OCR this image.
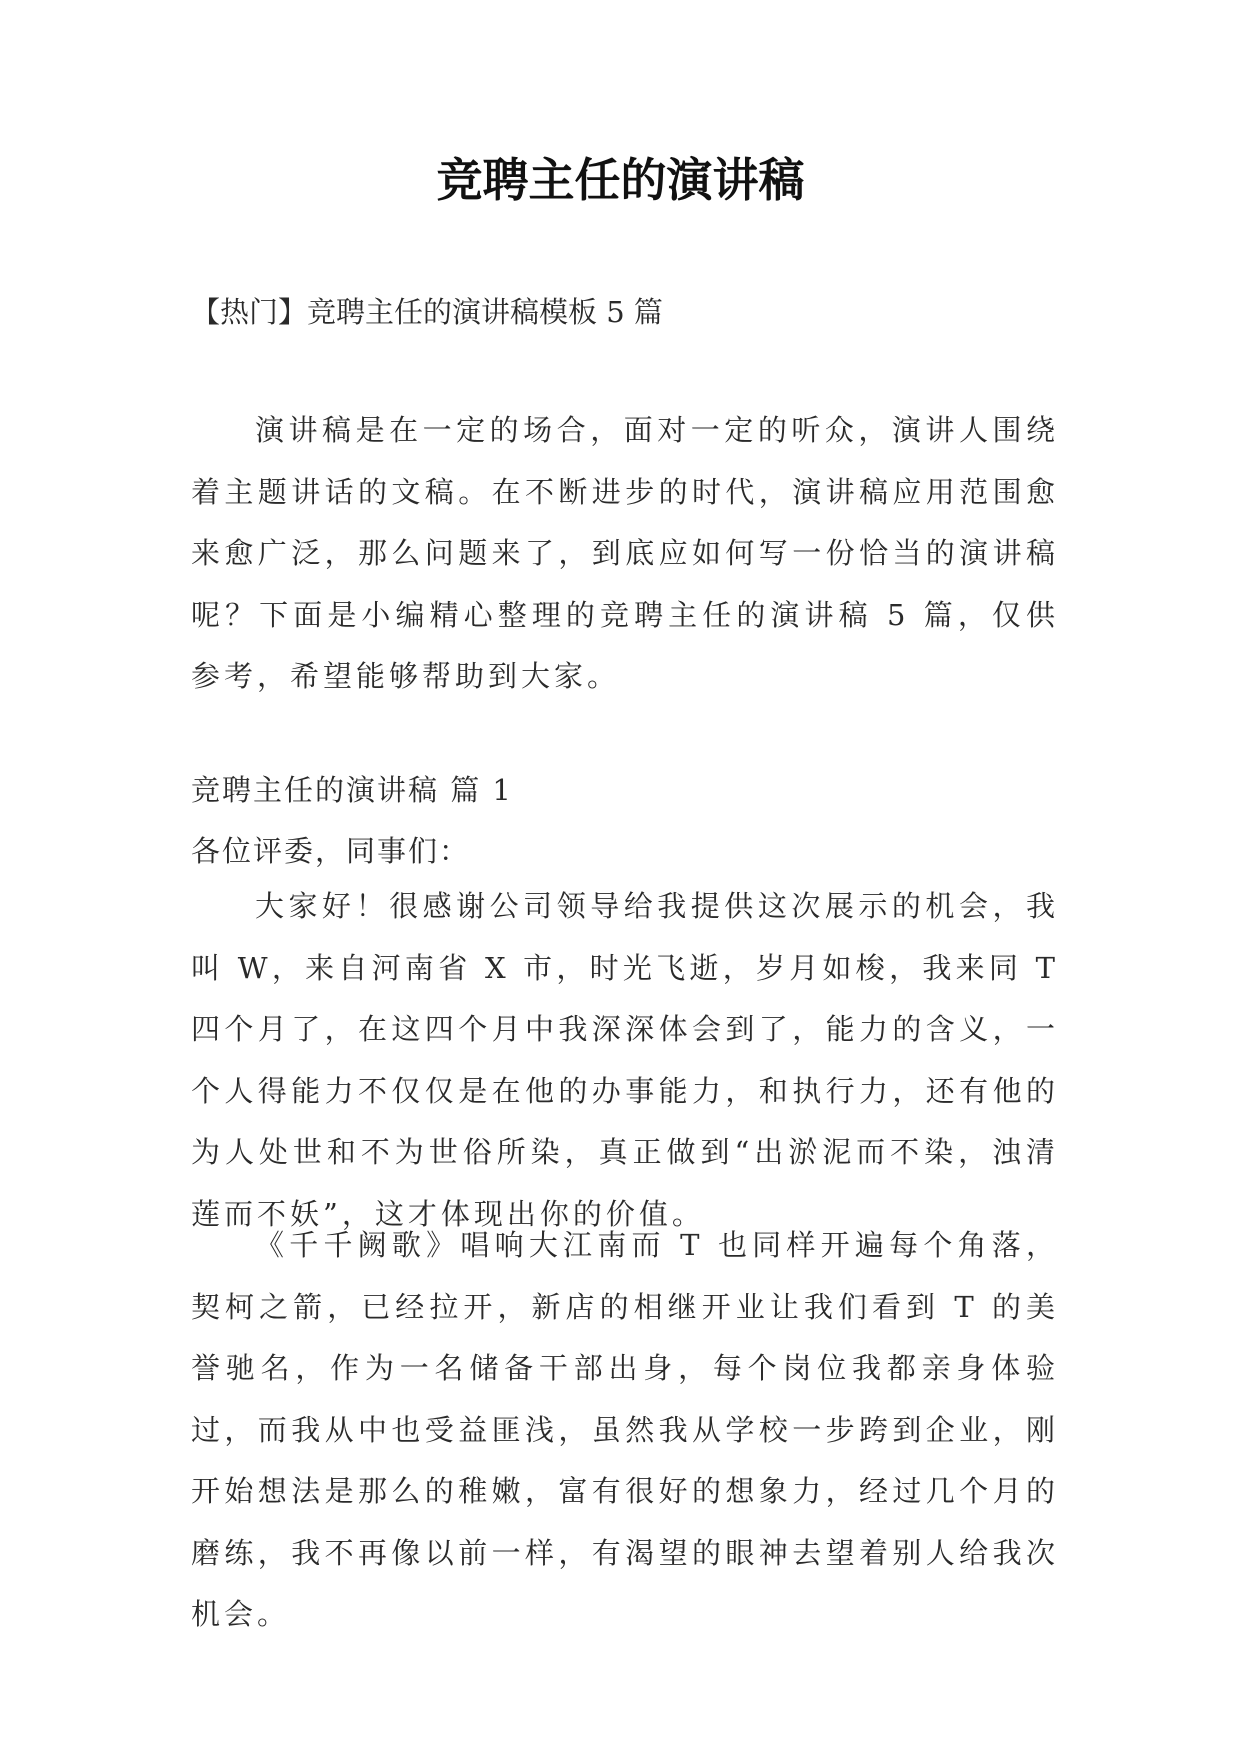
竞聘主任的演讲稿

【热门】竞聘主任的演讲稿模板 5 篇

演讲稿是在一定的场合，面对一定的听众，演讲人围绕着主题讲话的文稿。在不断进步的时代，演讲稿应用范围愈来愈广泛，那么问题来了，到底应如何写一份恰当的演讲稿呢？下面是小编精心整理的竞聘主任的演讲稿 5 篇，仅供参考，希望能够帮助到大家。

竞聘主任的演讲稿 篇 1

各位评委，同事们：

大家好！很感谢公司领导给我提供这次展示的机会，我叫 W，来自河南省 X 市，时光飞逝，岁月如梭，我来同 T 四个月了，在这四个月中我深深体会到了，能力的含义，一个人得能力不仅仅是在他的办事能力，和执行力，还有他的为人处世和不为世俗所染，真正做到“出淤泥而不染，浊清莲而不妖”，这才体现出你的价值。

《千千阙歌》唱响大江南而 T 也同样开遍每个角落，契柯之箭，已经拉开，新店的相继开业让我们看到 T 的美誉驰名，作为一名储备干部出身，每个岗位我都亲身体验过，而我从中也受益匪浅，虽然我从学校一步跨到企业，刚开始想法是那么的稚嫩，富有很好的想象力，经过几个月的磨练，我不再像以前一样，有渴望的眼神去望着别人给我次机会。
